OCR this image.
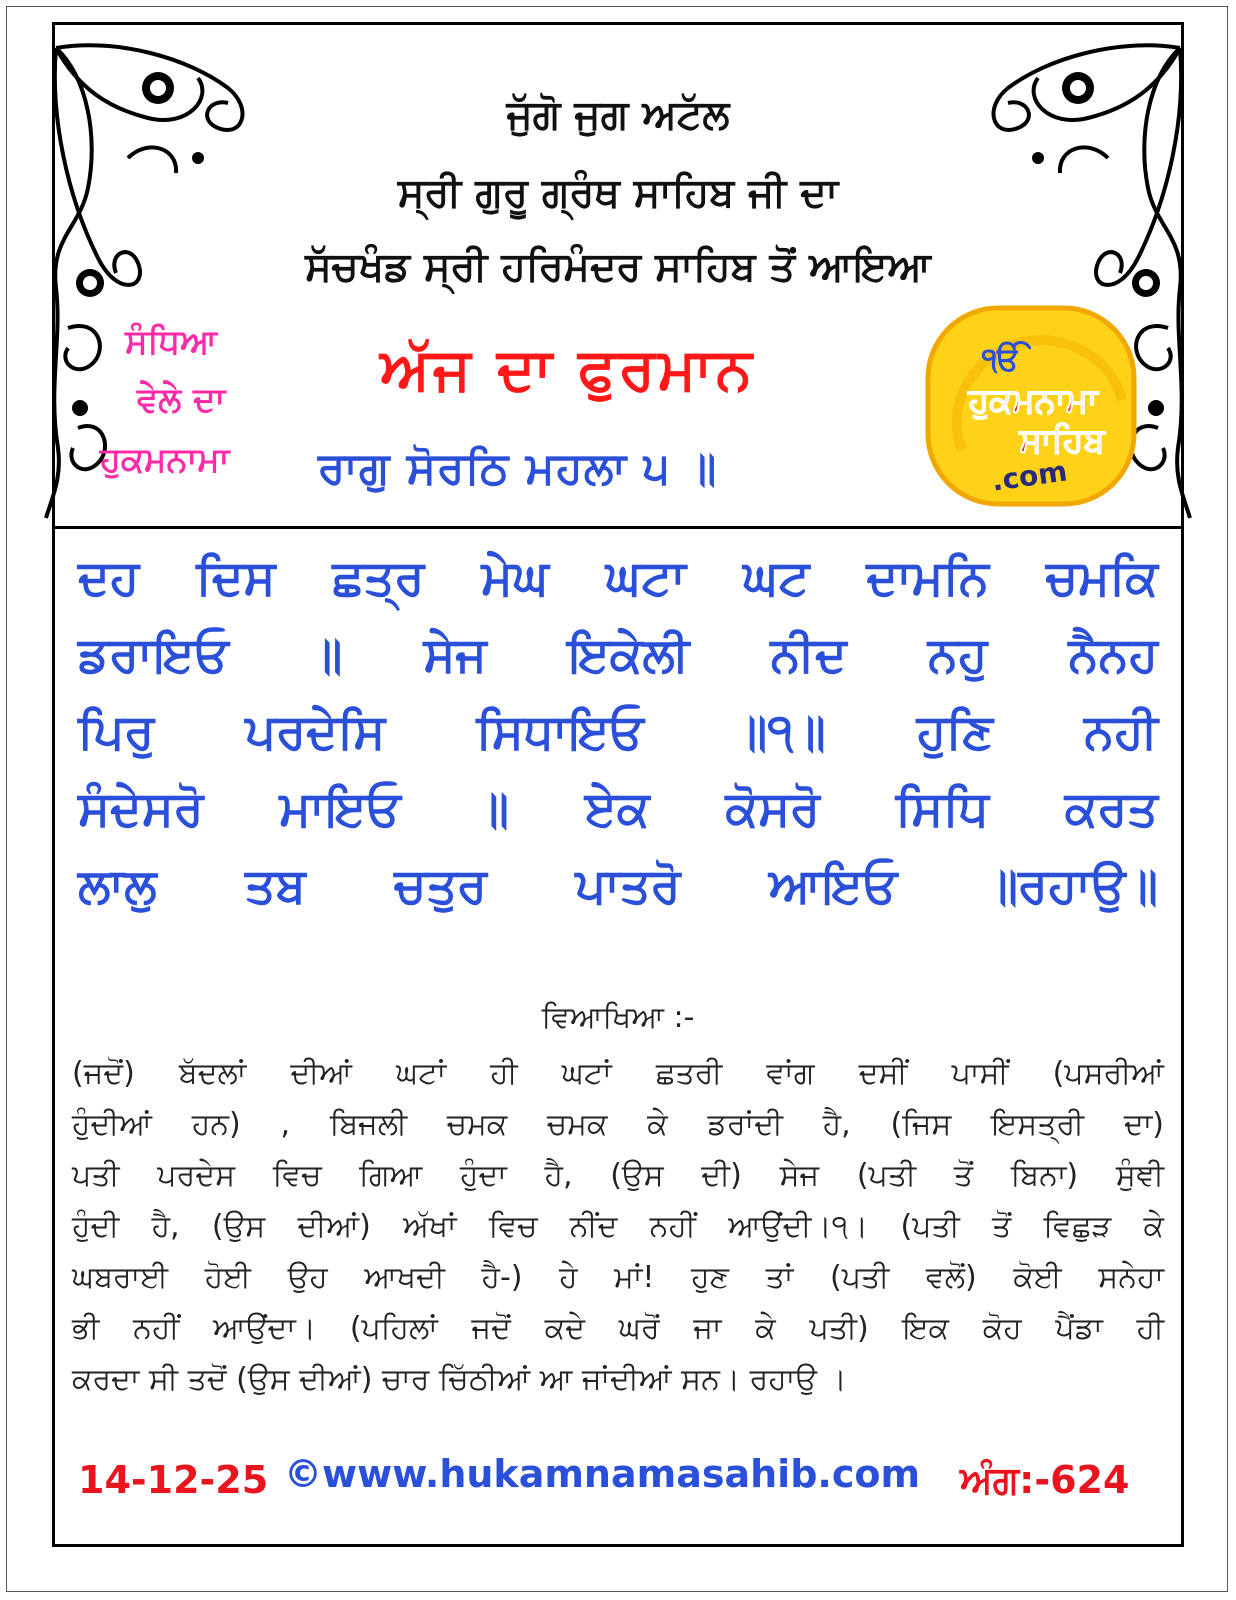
ਜੁੱਗੋ ਜੁਗ ਅਟੱਲ
ਸ੍ਰੀ ਗੁਰੂ ਗ੍ਰੰਥ ਸਾਹਿਬ ਜੀ ਦਾ
ਸੱਚਖੰਡ ਸ੍ਰੀ ਹਰਿਮੰਦਰ ਸਾਹਿਬ ਤੋਂ ਆਇਆ
ਸੰਧਿਆ
ਵੇਲੇ ਦਾ
ਹੁਕਮਨਾਮਾ
ਅੱਜ ਦਾ ਫੁਰਮਾਨ
ਰਾਗੁ ਸੋਰਠਿ ਮਹਲਾ ੫ ॥
ੴ
ਹੁਕਮਨਾਮਾ
ਸਾਹਿਬ
.com
ਦਹ ਦਿਸ ਛਤ੍ਰ ਮੇਘ ਘਟਾ ਘਟ ਦਾਮਨਿ ਚਮਕਿ
ਡਰਾਇਓ ॥ ਸੇਜ ਇਕੇਲੀ ਨੀਦ ਨਹੁ ਨੈਨਹ
ਪਿਰੁ ਪਰਦੇਸਿ ਸਿਧਾਇਓ ॥੧॥ ਹੁਣਿ ਨਹੀ
ਸੰਦੇਸਰੋ ਮਾਇਓ ॥ ਏਕ ਕੋਸਰੋ ਸਿਧਿ ਕਰਤ
ਲਾਲੁ ਤਬ ਚਤੁਰ ਪਾਤਰੋ ਆਇਓ ॥ਰਹਾਉ॥
ਵਿਆਖਿਆ :-
(ਜਦੋਂ) ਬੱਦਲਾਂ ਦੀਆਂ ਘਟਾਂ ਹੀ ਘਟਾਂ ਛਤਰੀ ਵਾਂਗ ਦਸੀਂ ਪਾਸੀਂ (ਪਸਰੀਆਂ
ਹੁੰਦੀਆਂ ਹਨ) , ਬਿਜਲੀ ਚਮਕ ਚਮਕ ਕੇ ਡਰਾਂਦੀ ਹੈ, (ਜਿਸ ਇਸਤ੍ਰੀ ਦਾ)
ਪਤੀ ਪਰਦੇਸ ਵਿਚ ਗਿਆ ਹੁੰਦਾ ਹੈ, (ਉਸ ਦੀ) ਸੇਜ (ਪਤੀ ਤੋਂ ਬਿਨਾ) ਸੁੰਞੀ
ਹੁੰਦੀ ਹੈ, (ਉਸ ਦੀਆਂ) ਅੱਖਾਂ ਵਿਚ ਨੀਂਦ ਨਹੀਂ ਆਉਂਦੀ।੧। (ਪਤੀ ਤੋਂ ਵਿਛੁੜ ਕੇ
ਘਬਰਾਈ ਹੋਈ ਉਹ ਆਖਦੀ ਹੈ-) ਹੇ ਮਾਂ! ਹੁਣ ਤਾਂ (ਪਤੀ ਵਲੋਂ) ਕੋਈ ਸਨੇਹਾ
ਭੀ ਨਹੀਂ ਆਉਂਦਾ। (ਪਹਿਲਾਂ ਜਦੋਂ ਕਦੇ ਘਰੋਂ ਜਾ ਕੇ ਪਤੀ) ਇਕ ਕੋਹ ਪੈਂਡਾ ਹੀ
ਕਰਦਾ ਸੀ ਤਦੋਂ (ਉਸ ਦੀਆਂ) ਚਾਰ ਚਿੱਠੀਆਂ ਆ ਜਾਂਦੀਆਂ ਸਨ। ਰਹਾਉ ।
14-12-25 ©www.hukamnamasahib.com ਅੰਗ:-624
